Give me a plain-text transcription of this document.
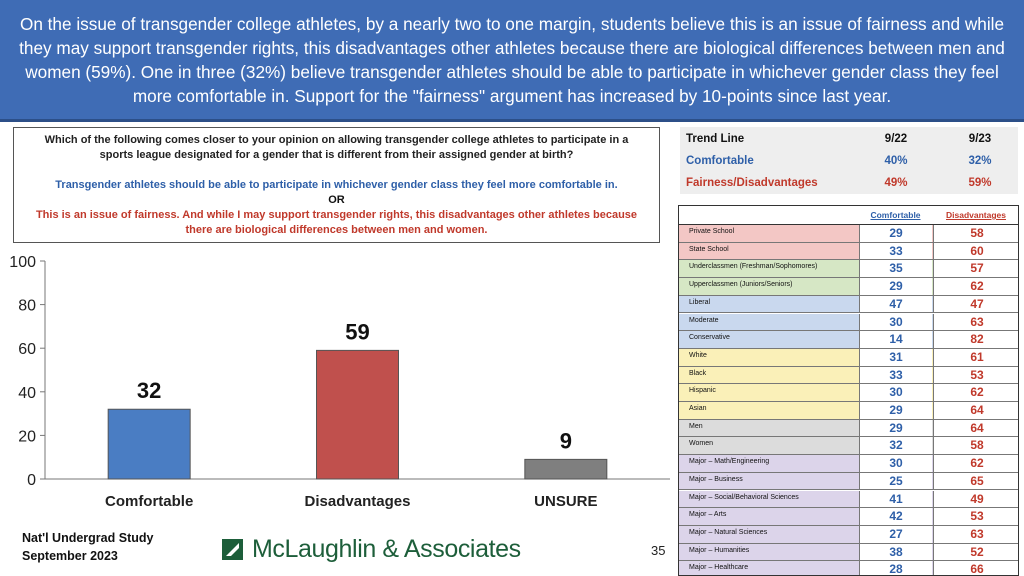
On the issue of transgender college athletes, by a nearly two to one margin, students believe this is an issue of fairness and while they may support transgender rights, this disadvantages other athletes because there are biological differences between men and women (59%). One in three (32%) believe transgender athletes should be able to participate in whichever gender class they feel more comfortable in. Support for the "fairness" argument has increased by 10-points since last year.
Which of the following comes closer to your opinion on allowing transgender college athletes to participate in a sports league designated for a gender that is different from their assigned gender at birth?
Transgender athletes should be able to participate in whichever gender class they feel more comfortable in.
OR
This is an issue of fairness. And while I may support transgender rights, this disadvantages other athletes because there are biological differences between men and women.
0
20
40
60
80
100
32
Comfortable
59
Disadvantages
9
UNSURE
Nat'l Undergrad Study
September 2023	McLaughlin & Associates	35
Trend Line	9/22	9/23
Comfortable	40%	32%
Fairness/Disadvantages	49%	59%
Comfortable	Disadvantages
Private School	29	58
State School	33	60
Underclassmen (Freshman/Sophomores)	35	57
Upperclassmen (Juniors/Seniors)	29	62
Liberal	47	47
Moderate	30	63
Conservative	14	82
White	31	61
Black	33	53
Hispanic	30	62
Asian	29	64
Men	29	64
Women	32	58
Major – Math/Engineering	30	62
Major – Business	25	65
Major – Social/Behavioral Sciences	41	49
Major – Arts	42	53
Major – Natural Sciences	27	63
Major – Humanities	38	52
Major – Healthcare	28	66
